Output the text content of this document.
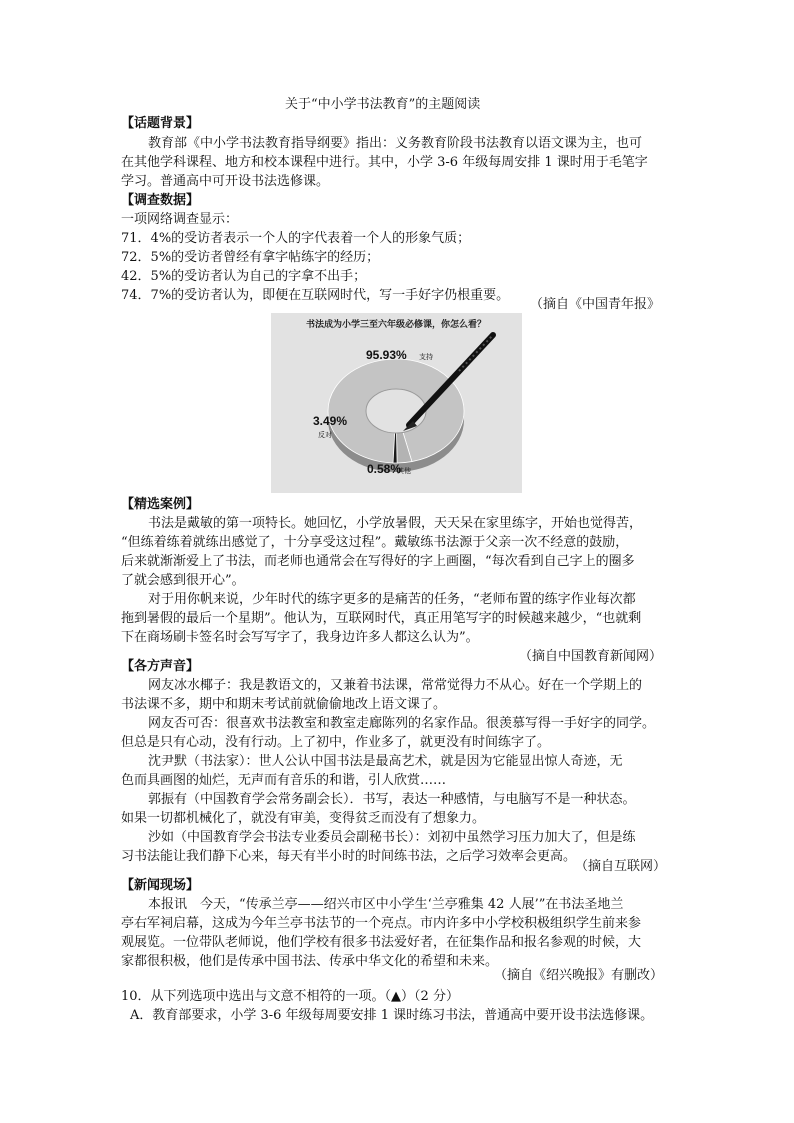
关于“中小学书法教育”的主题阅读
【话题背景】
教育部《中小学书法教育指导纲要》指出：义务教育阶段书法教育以语文课为主，也可
在其他学科课程、地方和校本课程中进行。其中，小学 3-6 年级每周安排 1 课时用于毛笔字
学习。普通高中可开设书法选修课。
【调查数据】
一项网络调查显示：
71．4%的受访者表示一个人的字代表着一个人的形象气质；
72．5%的受访者曾经有拿字帖练字的经历；
42．5%的受访者认为自己的字拿不出手；
74．7%的受访者认为，即便在互联网时代，写一手好字仍根重要。
（摘自《中国青年报》
书法成为小学三至六年级必修课，你怎么看？
95.93% 支持
3.49%
反对
0.58%
其他
【精选案例】
书法是戴敏的第一项特长。她回忆，小学放暑假，天天呆在家里练字，开始也觉得苦，
“但练着练着就练出感觉了，十分享受这过程”。戴敏练书法源于父亲一次不经意的鼓励，
后来就渐渐爱上了书法，而老师也通常会在写得好的字上画圈，“每次看到自己字上的圈多
了就会感到很开心”。
对于用你帆来说，少年时代的练字更多的是痛苦的任务，“老师布置的练字作业每次都
拖到暑假的最后一个星期”。他认为，互联网时代，真正用笔写字的时候越来越少，“也就剩
下在商场刷卡签名时会写写字了，我身边许多人都这么认为”。
（摘自中国教育新闻网）
【各方声音】
网友冰水椰子：我是教语文的，又兼着书法课，常常觉得力不从心。好在一个学期上的
书法课不多，期中和期末考试前就偷偷地改上语文课了。
网友否可否：很喜欢书法教室和教室走廊陈列的名家作品。很羡慕写得一手好字的同学。
但总是只有心动，没有行动。上了初中，作业多了，就更没有时间练字了。
沈尹默（书法家）：世人公认中国书法是最高艺术，就是因为它能显出惊人奇迹，无
色而具画图的灿烂，无声而有音乐的和谐，引人欣赏……
郭振有（中国教育学会常务副会长）．书写，表达一种感情，与电脑写不是一种状态。
如果一切都机械化了，就没有审美，变得贫乏而没有了想象力。
沙如（中国教育学会书法专业委员会副秘书长）：刘初中虽然学习压力加大了，但是练
习书法能让我们静下心来，每天有半小时的时间练书法，之后学习效率会更高。
（摘自互联网）
【新闻现场】
本报讯　今天，“传承兰亭——绍兴市区中小学生‘兰亭雅集 42 人展’”在书法圣地兰
亭右军祠启幕，这成为今年兰亭书法节的一个亮点。市内许多中小学校积极组织学生前来参
观展览。一位带队老师说，他们学校有很多书法爱好者，在征集作品和报名参观的时候，大
家都很积极，他们是传承中国书法、传承中华文化的希望和未来。
（摘自《绍兴晚报》有删改）
10．从下列选项中选出与文意不相符的一项。（▲）（2 分）
A．教育部要求，小学 3-6 年级每周要安排 1 课时练习书法，普通高中要开设书法选修课。
